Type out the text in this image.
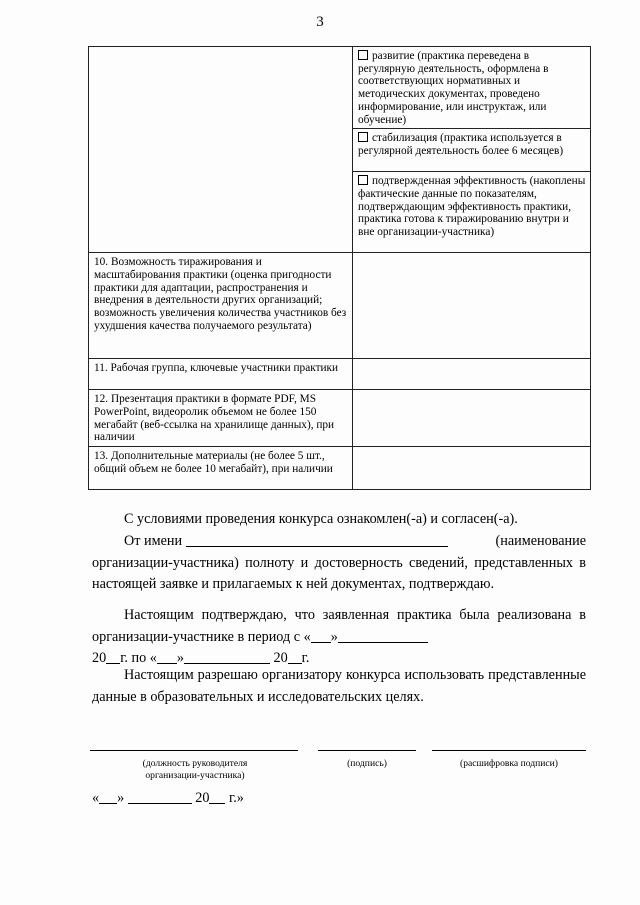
3
	развитие (практика переведена в регулярную деятельность, оформлена в соответствующих нормативных и методических документах, проведено информирование, или инструктаж, или обучение)
	стабилизация (практика используется в регулярной деятельность более 6 месяцев)
	подтвержденная эффективность (накоплены фактические данные по показателям, подтверждающим эффективность практики, практика готова к тиражированию внутри и вне организации-участника)
10. Возможность тиражирования и масштабирования практики (оценка пригодности практики для адаптации, распространения и внедрения в деятельности других организаций; возможность увеличения количества участников без ухудшения качества получаемого результата)	
11. Рабочая группа, ключевые участники практики	
12. Презентация практики в формате PDF, MS PowerPoint, видеоролик объемом не более 150 мегабайт (веб-ссылка на хранилище данных), при наличии	
13. Дополнительные материалы (не более 5 шт., общий объем не более 10 мегабайт), при наличии	

С условиями проведения конкурса ознакомлен(-а) и согласен(-а).

От имени	(наименование

организации-участника) полноту и достоверность сведений, представленных в настоящей заявке и прилагаемых к ней документах, подтверждаю.

Настоящим подтверждаю, что заявленная практика была реализована в организации-участнике в период с « »
20 г. по « »	20 г.

Настоящим разрешаю организатору конкурса использовать представленные данные в образовательных и исследовательских целях.

(должность руководителя организации-участника)
(подпись)	(расшифровка подписи)
« »	20 г.»
